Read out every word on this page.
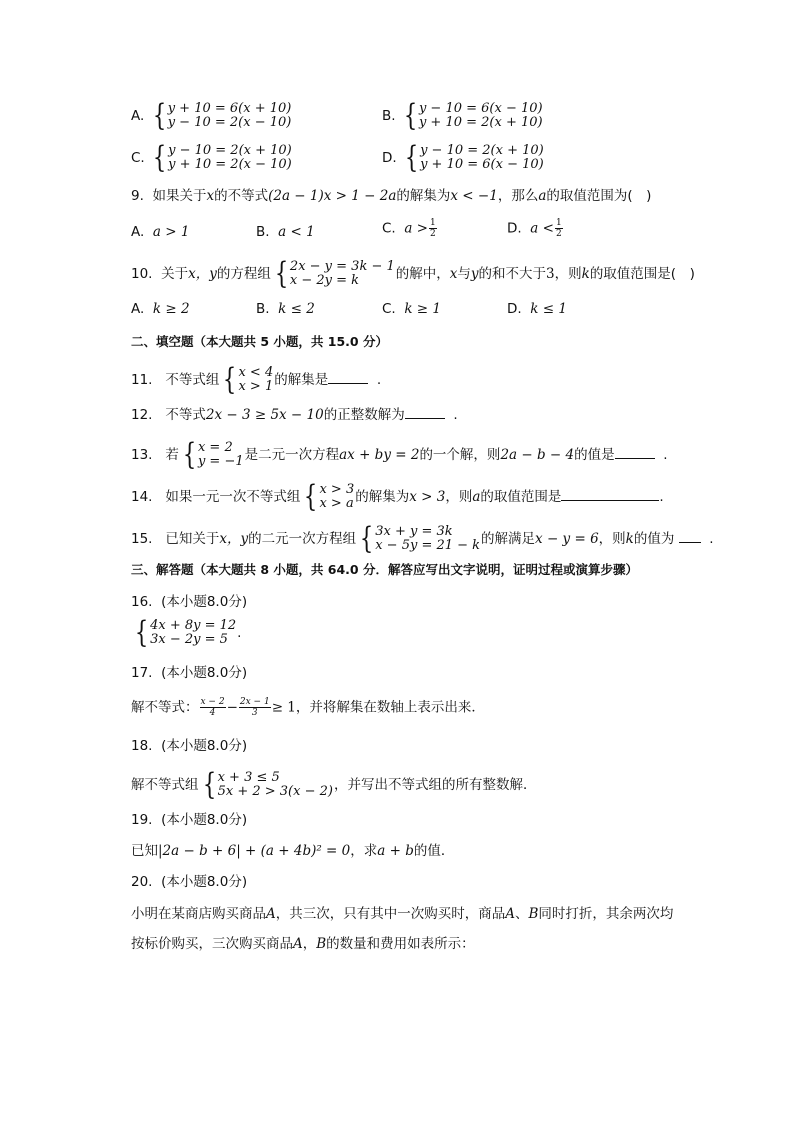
A. { y + 10 = 6(x + 10)
y − 10 = 2(x − 10)	B. { y − 10 = 6(x − 10)
y + 10 = 2(x + 10)
C. { y − 10 = 2(x + 10)
y + 10 = 2(x − 10)	D. { y − 10 = 2(x + 10)
y + 10 = 6(x − 10)
9. 如果关于x的不等式(2a − 1)x > 1 − 2a的解集为x < −1，那么a的取值范围为(　)
A. a > 1	B. a < 1	C. $a > \frac{1}{2}$	D. $a < \frac{1}{2}$
10. 关于x，y的方程组 { 2x − y = 3k − 1
x − 2y = k	的解中，x与y的和不大于3，则k的取值范围是(　)
A. k ≥ 2	B. k ≤ 2	C. k ≥ 1	D. k ≤ 1
二、填空题（本大题共 5 小题，共 15.0 分）
11. 不等式组 { x < 4
x > 1 的解集是	.
12. 不等式2x − 3 ≥ 5x − 10的正整数解为	.
13. 若 { x = 2
y = −1 是二元一次方程ax + by = 2的一个解，则2a − b − 4的值是	.
14. 如果一元一次不等式组 { x > 3
x > a 的解集为x > 3，则a的取值范围是	.
15. 已知关于x，y的二元一次方程组 { 3x + y = 3k
x − 5y = 21 − k 的解满足x − y = 6，则k的值为	.
三、解答题（本大题共 8 小题，共 64.0 分．解答应写出文字说明，证明过程或演算步骤）
16. (本小题8.0分)
{ 4x + 8y = 12
3x − 2y = 5 .
17. (本小题8.0分)
解不等式： $\frac{x - 2}{4} - \frac{2x - 1}{3} \ge 1$，并将解集在数轴上表示出来．
18. (本小题8.0分)
解不等式组 { x + 3 ≤ 5
5x + 2 > 3(x − 2) ，并写出不等式组的所有整数解．
19. (本小题8.0分)
已知|2a − b + 6| + (a + 4b)² = 0，求a + b的值．
20. (本小题8.0分)
小明在某商店购买商品A，共三次，只有其中一次购买时，商品A、B同时打折，其余两次均
按标价购买，三次购买商品A，B的数量和费用如表所示：
